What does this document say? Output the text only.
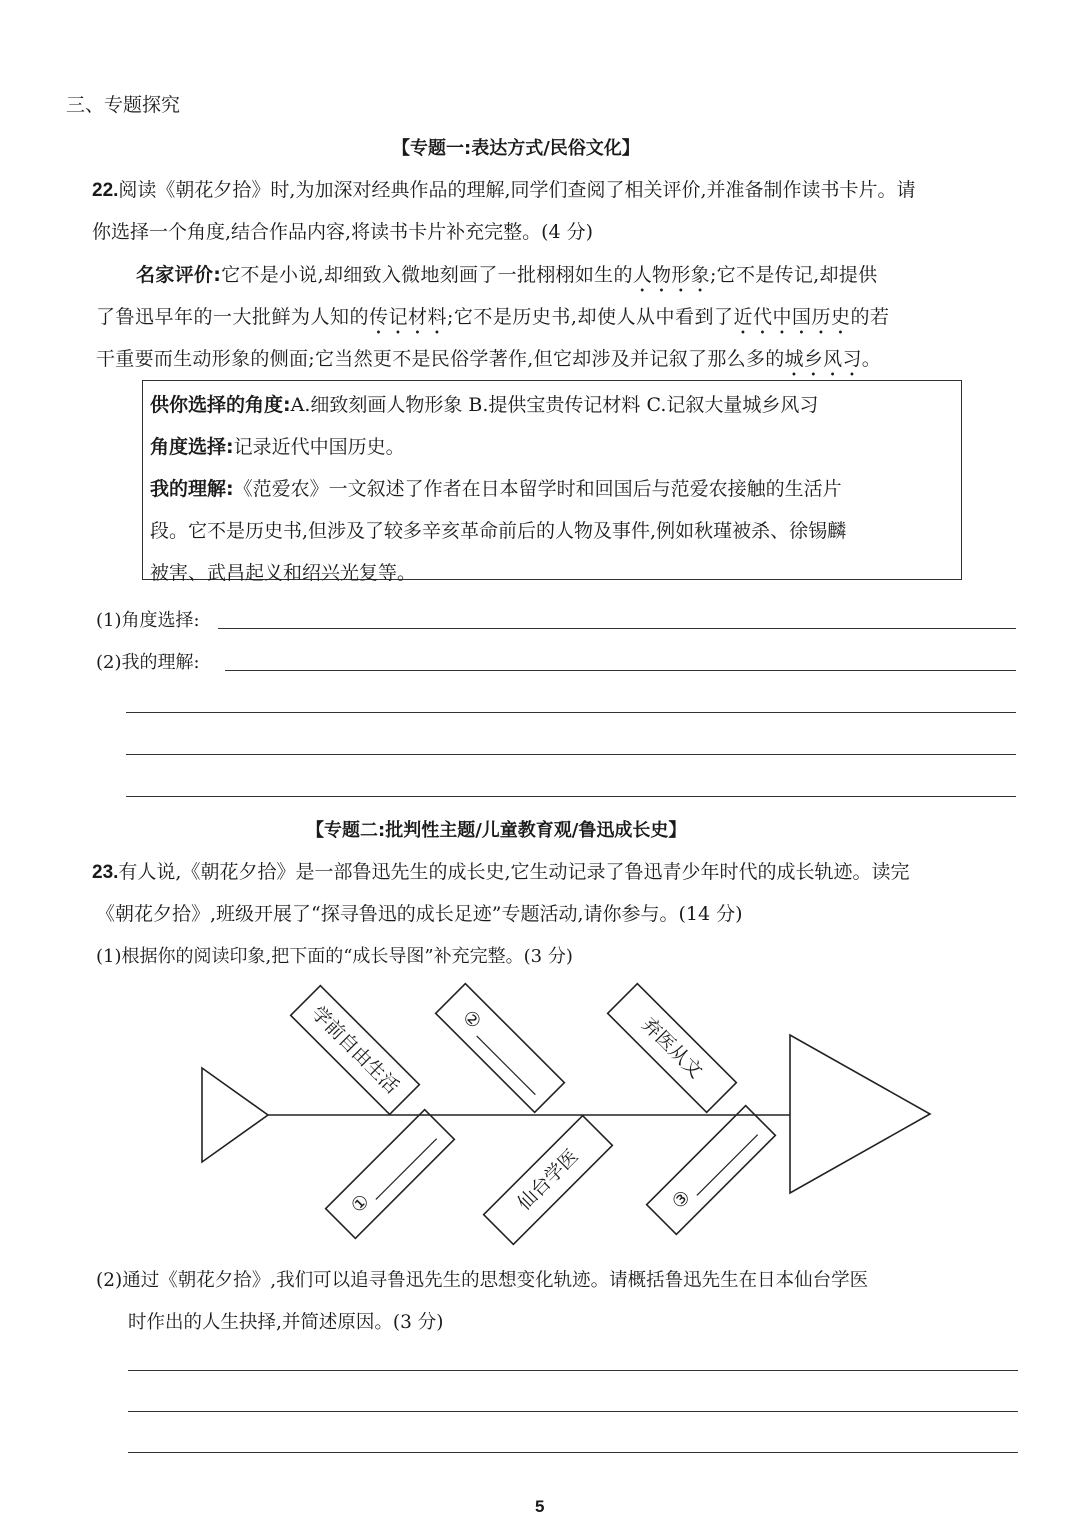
三、专题探究
【专题一:表达方式/民俗文化】
22.阅读《朝花夕拾》时,为加深对经典作品的理解,同学们查阅了相关评价,并准备制作读书卡片。请
你选择一个角度,结合作品内容,将读书卡片补充完整。(4 分)
名家评价:它不是小说,却细致入微地刻画了一批栩栩如生的人物形象;它不是传记,却提供
了鲁迅早年的一大批鲜为人知的传记材料;它不是历史书,却使人从中看到了近代中国历史的若
干重要而生动形象的侧面;它当然更不是民俗学著作,但它却涉及并记叙了那么多的城乡风习。
供你选择的角度:A.细致刻画人物形象 B.提供宝贵传记材料 C.记叙大量城乡风习
角度选择:记录近代中国历史。
我的理解:《范爱农》一文叙述了作者在日本留学时和回国后与范爱农接触的生活片
段。它不是历史书,但涉及了较多辛亥革命前后的人物及事件,例如秋瑾被杀、徐锡麟
被害、武昌起义和绍兴光复等。
(1)角度选择:
(2)我的理解:
【专题二:批判性主题/儿童教育观/鲁迅成长史】
23.有人说,《朝花夕拾》是一部鲁迅先生的成长史,它生动记录了鲁迅青少年时代的成长轨迹。读完
《朝花夕拾》,班级开展了“探寻鲁迅的成长足迹”专题活动,请你参与。(14 分)
(1)根据你的阅读印象,把下面的“成长导图”补充完整。(3 分)
学前自由生活	②	弃医从文
①	仙台学医	③
(2)通过《朝花夕拾》,我们可以追寻鲁迅先生的思想变化轨迹。请概括鲁迅先生在日本仙台学医
时作出的人生抉择,并简述原因。(3 分)
5
